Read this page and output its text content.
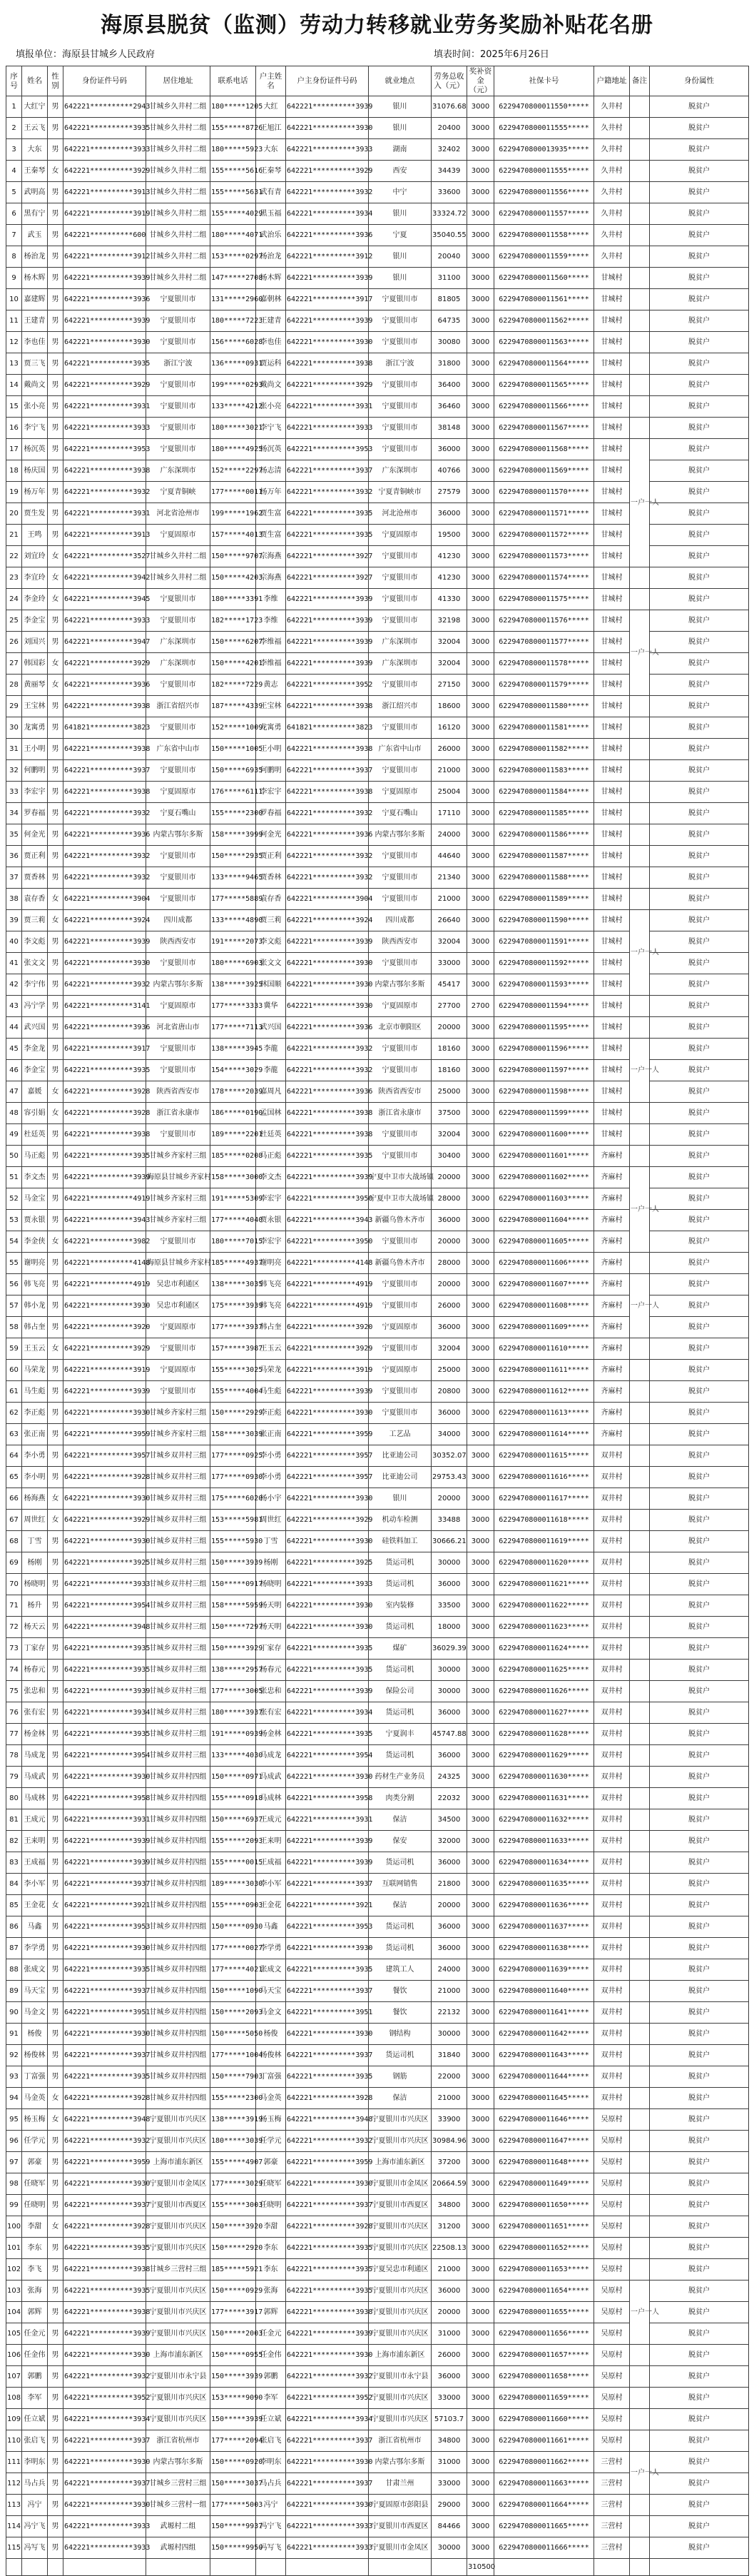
海原县脱贫（监测）劳动力转移就业劳务奖励补贴花名册
填报单位：海原县甘城乡人民政府	填表时间：2025年6月26日
序号	姓名	性别	身份证件号码	居住地址	联系电话	户主姓名	户主身份证件号码	就业地点	劳务总收入（元）	奖补资金（元）	社保卡号	户籍地址	备注	身份属性
1	大红宁	男	642221**********2943	甘城乡久井村二组	180*****1205	大红	642221**********3939	银川	31076.68	3000	6229470800011550*****	久井村		脱贫户
2	王云飞	男	642221**********3935	甘城乡久井村二组	155*****8726	王旭江	642221**********3930	银川	20400	3000	6229470800011555*****	久井村		脱贫户
3	大东	男	642221**********3933	甘城乡久井村二组	180*****5923	大东	642221**********3933	湖南	32402	3000	6229470800013935*****	久井村		脱贫户
4	王秦琴	女	642221**********3929	甘城乡久井村二组	155*****5616	王秦琴	642221**********3929	西安	34439	3000	6229470800011555*****	久井村		脱贫户
5	武明高	男	642221**********3913	甘城乡久井村二组	155*****5631	武有青	642221**********3932	中宁	33600	3000	6229470800011556*****	久井村		脱贫户
6	黑有宁	男	642221**********3919	甘城乡久井村二组	155*****4029	黑玉福	642221**********3934	银川	33324.72	3000	6229470800011557*****	久井村		脱贫户
7	武玉	男	642221**********600	甘城乡久井村二组	180*****4071	武治乐	642221**********3936	宁夏	35040.55	3000	6229470800011558*****	久井村		脱贫户
8	杨治龙	男	642221**********3912	甘城乡久井村二组	153*****0297	杨治龙	642221**********3912	银川	20040	3000	6229470800011559*****	久井村		脱贫户
9	杨木辉	男	642221**********3939	甘城乡久井村二组	147*****2708	杨木辉	642221**********3939	银川	31100	3000	6229470800011560*****	甘城村		脱贫户
10	嘉建辉	男	642221**********3936	宁夏银川市	131*****2960	嘉朝林	642221**********3917	宁夏银川市	81805	3000	6229470800011561*****	甘城村		脱贫户
11	王建青	男	642221**********3939	宁夏银川市	180*****7223	王建青	642221**********3939	宁夏银川市	64735	3000	6229470800011562*****	甘城村		脱贫户
12	李也佳	男	642221**********3930	宁夏银川市	156*****6028	李也佳	642221**********3930	宁夏银川市	30080	3000	6229470800011563*****	甘城村		脱贫户
13	贾三飞	男	642221**********3935	浙江宁波	136*****0931	贾运科	642221**********3938	浙江宁波	31800	3000	6229470800011564*****	甘城村		脱贫户
14	戴尚文	男	642221**********3929	宁夏银川市	199*****0293	戴尚文	642221**********3929	宁夏银川市	36400	3000	6229470800011565*****	甘城村		脱贫户
15	张小亮	男	642221**********3931	宁夏银川市	133*****4212	张小亮	642221**********3931	宁夏银川市	36460	3000	6229470800011566*****	甘城村		脱贫户
16	李宁飞	男	642221**********3933	宁夏银川市	180*****3021	李宁飞	642221**********3933	宁夏银川市	38148	3000	6229470800011567*****	甘城村		脱贫户
17	杨沉英	男	642221**********3953	宁夏银川市	180*****4925	杨沉英	642221**********3953	宁夏银川市	36000	3000	6229470800011568*****	甘城村	一户一人	脱贫户
18	杨庆国	男	642221**********3938	广东深圳市	152*****2297	杨志清	642221**********3937	广东深圳市	40766	3000	6229470800011569*****	甘城村		脱贫户
19	杨万年	男	642221**********3932	宁夏青铜峡	177*****0011	杨万年	642221**********3932	宁夏青铜峡市	27579	3000	6229470800011570*****	甘城村		脱贫户
20	贾生发	男	642221**********3931	河北省沧州市	199*****1962	贾生富	642221**********3935	河北沧州市	36000	3000	6229470800011571*****	甘城村		脱贫户
21	王鸣	男	642221**********3913	宁夏固原市	157*****4013	贾生富	642221**********3935	宁夏固原市	19500	3000	6229470800011572*****	甘城村		脱贫户
22	刘宜玲	女	642221**********3527	甘城乡久井村二组	150*****9707	宗海燕	642221**********3927	宁夏银川市	41230	3000	6229470800011573*****	甘城村		脱贫户
23	李宜玲	女	642221**********3942	甘城乡久井村二组	150*****4203	宗海燕	642221**********3927	宁夏银川市	41230	3000	6229470800011574*****	甘城村		脱贫户
24	李金玲	女	642221**********3945	宁夏银川市	180*****3391	李维	642221**********3939	宁夏银川市	41330	3000	6229470800011575*****	甘城村		脱贫户
25	李金宝	男	642221**********3933	宁夏银川市	182*****1723	李维	642221**********3939	宁夏银川市	32198	3000	6229470800011576*****	甘城村	一户一人	脱贫户
26	刘国兴	男	642221**********3947	广东深圳市	150*****6207	李维福	642221**********3939	广东深圳市	32004	3000	6229470800011577*****	甘城村		脱贫户
27	韩国彩	女	642221**********3929	广东深圳市	150*****4201	李维福	642221**********3939	广东深圳市	32004	3000	6229470800011578*****	甘城村		脱贫户
28	黄丽琴	女	642221**********3936	宁夏银川市	182*****7229	黄志	642221**********3952	宁夏银川市	27150	3000	6229470800011579*****	甘城村		脱贫户
29	王宝林	男	642221**********3938	浙江省绍兴市	187*****4339	王宝林	642221**********3938	浙江绍兴市	18600	3000	6229470800011580*****	甘城村		脱贫户
30	龙寓勇	男	641821**********3823	宁夏银川市	152*****1009	龙寓勇	641821**********3823	宁夏银川市	16120	3000	6229470800011581*****	甘城村		脱贫户
31	王小明	男	642221**********3938	广东省中山市	150*****1005	王小明	642221**********3938	广东省中山市	26000	3000	6229470800011582*****	甘城村		脱贫户
32	何鹏明	男	642221**********3937	宁夏银川市	150*****6935	何鹏明	642221**********3937	宁夏银川市	21000	3000	6229470800011583*****	甘城村		脱贫户
33	李宏宇	男	642221**********3938	宁夏固原市	176*****6111	李宏宇	642221**********3938	宁夏固原市	25004	3000	6229470800011584*****	甘城村		脱贫户
34	罗春福	男	642221**********3932	宁夏石嘴山	155*****2300	罗春福	642221**********3932	宁夏石嘴山	17110	3000	6229470800011585*****	甘城村		脱贫户
35	何金光	男	642221**********3936	内蒙古鄂尔多斯	158*****3999	何金光	642221**********3936	内蒙古鄂尔多斯	24000	3000	6229470800011586*****	甘城村		脱贫户
36	贾正利	男	642221**********3932	宁夏银川市	150*****2935	贾正利	642221**********3932	宁夏银川市	44640	3000	6229470800011587*****	甘城村		脱贫户
37	贾香林	男	642221**********3932	宁夏银川市	133*****9465	贾香林	642221**********3932	宁夏银川市	21340	3000	6229470800011588*****	甘城村		脱贫户
38	袁存香	女	642221**********3904	宁夏银川市	177*****5889	袁存香	642221**********3904	宁夏银川市	21000	3000	6229470800011589*****	甘城村		脱贫户
39	贾三莉	女	642221**********3924	四川成都	133*****4890	贾三莉	642221**********3924	四川成都	26640	3000	6229470800011590*****	甘城村	一户一人	脱贫户
40	李文彪	男	642221**********3939	陕西西安市	191*****2073	李文彪	642221**********3939	陕西西安市	32004	3000	6229470800011591*****	甘城村		脱贫户
41	张文文	男	642221**********3930	宁夏银川市	180*****6903	张文文	642221**********3930	宁夏银川市	33000	3000	6229470800011592*****	甘城村		脱贫户
42	李宁伟	男	642221**********3932	内蒙古鄂尔多斯	138*****3925	林国顺	642221**********3930	内蒙古鄂尔多斯	45417	3000	6229470800011593*****	甘城村		脱贫户
43	冯宁学	男	642221**********3141	宁夏固原市	177*****3333	冀华	642221**********3930	宁夏固原市	27700	2700	6229470800011594*****	甘城村		脱贫户
44	武兴国	男	642221**********3936	河北省唐山市	177*****7113	武兴国	642221**********3936	北京市朝阳区	20000	3000	6229470800011595*****	甘城村		脱贫户
45	李金龙	男	642221**********3917	宁夏银川市	138*****3945	李龍	642221**********3932	宁夏银川市	18160	3000	6229470800011596*****	甘城村	一户一人	脱贫户
46	李金宝	男	642221**********3935	宁夏银川市	154*****3029	李龍	642221**********3932	宁夏银川市	18160	3000	6229470800011597*****	甘城村		脱贫户
47	嘉媛	女	642221**********3928	陕西省西安市	178*****2039	嘉周凡	642221**********3936	陕西省西安市	25000	3000	6229470800011598*****	甘城村		脱贫户
48	容引娟	女	642221**********3928	浙江省永康市	186*****0190	孟国林	642221**********3938	浙江省永康市	37500	3000	6229470800011599*****	甘城村		脱贫户
49	杜廷英	男	642221**********3938	宁夏银川市	189*****2201	杜廷英	642221**********3938	宁夏银川市	32004	3000	6229470800011600*****	甘城村		脱贫户
50	马正彪	男	642221**********3935	甘城乡齐家村三组	185*****0208	马正彪	642221**********3935	宁夏银川市	30400	3000	6229470800011601*****	齐麻村		脱贫户
51	李文杰	男	642221**********3939	海原县甘城乡齐家村	158*****3000	李文杰	642221**********3939	宁夏中卫市大战场镇	20000	3000	6229470800011602*****	齐麻村	一户一人	脱贫户
52	马金宝	男	642221**********4919	甘城乡齐家村三组	191*****5309	李宏宇	642221**********3950	宁夏中卫市大战场镇	28000	3000	6229470800011603*****	齐麻村		脱贫户
53	贾永银	男	642221**********3943	甘城乡齐家村三组	177*****4040	贾永银	642221**********3943	新疆乌鲁木齐市	36000	3000	6229470800011604*****	齐麻村		脱贫户
54	李金侠	女	642221**********3982	宁夏银川市	180*****7015	李宏宇	642221**********3950	宁夏银川市	20000	3000	6229470800011605*****	齐麻村		脱贫户
55	谢明亮	男	642221**********4148	海原县甘城乡齐家村	185*****4937	谢明亮	642221**********4148	新疆乌鲁木齐市	28000	3000	6229470800011606*****	齐麻村		脱贫户
56	韩飞亮	男	642221**********4919	吴忠市利通区	138*****3035	韩飞亮	642221**********4919	宁夏银川市	20000	3000	6229470800011607*****	齐麻村	一户一人	脱贫户
57	韩小龙	男	642221**********3930	吴忠市利通区	175*****3939	韩飞亮	642221**********4919	宁夏银川市	26000	3000	6229470800011608*****	齐麻村		脱贫户
58	韩占奎	男	642221**********3920	宁夏固原市	177*****3937	韩占奎	642221**********3920	宁夏固原市	36000	3000	6229470800011609*****	齐麻村		脱贫户
59	王玉云	女	642221**********3929	宁夏银川市	157*****3987	王玉云	642221**********3929	宁夏银川市	32004	3000	6229470800011610*****	齐麻村		脱贫户
60	马荣龙	男	642221**********3919	宁夏固原市	155*****3025	马荣龙	642221**********3919	宁夏固原市	25000	3000	6229470800011611*****	齐麻村		脱贫户
61	马生彪	男	642221**********3939	宁夏银川市	155*****4004	马生彪	642221**********3939	宁夏银川市	20800	3000	6229470800011612*****	齐麻村		脱贫户
62	李正彪	男	642221**********3930	甘城乡齐家村三组	150*****2929	李正彪	642221**********3930	宁夏银川市	36000	3000	6229470800011613*****	齐麻村		脱贫户
63	张正南	男	642221**********3959	甘城乡齐家村三组	158*****3039	张正南	642221**********3959	工艺品	34000	3000	6229470800011614*****	齐麻村		脱贫户
64	李小勇	男	642221**********3957	甘城乡双井村三组	177*****0925	李小勇	642221**********3957	比亚迪公司	30352.07	3000	6229470800011615*****	双井村		脱贫户
65	李小明	男	642221**********3928	甘城乡双井村三组	177*****0930	李小勇	642221**********3957	比亚迪公司	29753.43	3000	6229470800011616*****	双井村		脱贫户
66	杨海燕	女	642221**********3930	甘城乡双井村三组	175*****6020	杨小宇	642221**********3930	银川	20000	3000	6229470800011617*****	双井村		脱贫户
67	周世红	女	642221**********3929	甘城乡双井村三组	153*****5981	周世红	642221**********3929	机动车检测	33488	3000	6229470800011618*****	双井村		脱贫户
68	丁雪	男	642221**********3930	甘城乡双井村三组	155*****5930	丁雪	642221**********3930	硅铁料加工	30666.21	3000	6229470800011619*****	双井村		脱贫户
69	杨刚	男	642221**********3925	甘城乡双井村三组	150*****3939	杨刚	642221**********3925	货运司机	30000	3000	6229470800011620*****	双井村		脱贫户
70	杨晓明	男	642221**********3933	甘城乡双井村三组	150*****0917	杨晓明	642221**********3933	货运司机	36000	3000	6229470800011621*****	双井村		脱贫户
71	杨升	男	642221**********3954	甘城乡双井村三组	158*****5959	杨天明	642221**********3930	室内装修	33500	3000	6229470800011622*****	双井村		脱贫户
72	杨天云	男	642221**********3948	甘城乡双井村三组	150*****7297	杨天明	642221**********3930	货运司机	18000	3000	6229470800011623*****	双井村		脱贫户
73	丁家存	男	642221**********3935	甘城乡双井村三组	150*****3929	丁家存	642221**********3935	煤矿	36029.39	3000	6229470800011624*****	双井村		脱贫户
74	杨春元	男	642221**********3935	甘城乡双井村三组	138*****2957	杨春元	642221**********3935	货运司机	30000	3000	6229470800011625*****	双井村		脱贫户
75	张忠和	男	642221**********3939	甘城乡双井村三组	177*****3005	张忠和	642221**********3939	保险公司	30000	3000	6229470800011626*****	双井村		脱贫户
76	张有宏	男	642221**********3934	甘城乡双井村三组	180*****3937	张有宏	642221**********3934	货运司机	36000	3000	6229470800011627*****	双井村		脱贫户
77	杨金林	男	642221**********3935	甘城乡双井村三组	191*****0939	杨金林	642221**********3935	宁夏润丰	45747.88	3000	6229470800011628*****	双井村		脱贫户
78	马成龙	男	642221**********3954	甘城乡双井村三组	133*****4030	马成龙	642221**********3954	货运司机	36000	3000	6229470800011629*****	双井村		脱贫户
79	马成武	男	642221**********3930	甘城乡双井村四组	150*****0971	马成武	642221**********3930	药材生产业务员	24325	3000	6229470800011630*****	双井村		脱贫户
80	马成林	男	642221**********3958	甘城乡双井村四组	155*****0918	马成林	642221**********3958	肉类分割	22032	3000	6229470800011631*****	双井村		脱贫户
81	王成元	男	642221**********3931	甘城乡双井村四组	150*****6937	王成元	642221**********3931	保洁	34500	3000	6229470800011632*****	双井村		脱贫户
82	王来明	男	642221**********3939	甘城乡双井村四组	155*****2093	王来明	642221**********3939	保安	32000	3000	6229470800011633*****	双井村		脱贫户
83	王成福	男	642221**********3939	甘城乡双井村四组	155*****0015	王成福	642221**********3939	货运司机	36000	3000	6229470800011634*****	双井村		脱贫户
84	李小军	男	642221**********3937	甘城乡双井村四组	189*****3030	李小军	642221**********3937	互联网销售	21800	3000	6229470800011635*****	双井村		脱贫户
85	王金花	女	642221**********3921	甘城乡双井村四组	155*****0903	王金花	642221**********3921	保洁	20000	3000	6229470800011636*****	双井村		脱贫户
86	马鑫	男	642221**********3953	甘城乡双井村四组	150*****0930	马鑫	642221**********3953	货运司机	36000	3000	6229470800011637*****	双井村		脱贫户
87	李学勇	男	642221**********3930	甘城乡双井村四组	177*****0027	李学勇	642221**********3930	货运司机	36000	3000	6229470800011638*****	双井村		脱贫户
88	张成文	男	642221**********3935	甘城乡双井村四组	177*****4021	张成文	642221**********3935	建筑工人	24000	3000	6229470800011639*****	双井村		脱贫户
89	马天宝	男	642221**********3937	甘城乡双井村四组	150*****1090	马天宝	642221**********3937	餐饮	21000	3000	6229470800011640*****	双井村		脱贫户
90	马金文	男	642221**********3951	甘城乡双井村四组	150*****2093	马金文	642221**********3951	餐饮	22132	3000	6229470800011641*****	双井村		脱贫户
91	杨俊	男	642221**********3930	甘城乡双井村四组	150*****5050	杨俊	642221**********3930	钢结构	30000	3000	6229470800011642*****	双井村		脱贫户
92	杨俊林	男	642221**********3937	甘城乡双井村四组	177*****1004	杨俊林	642221**********3937	货运司机	31840	3000	6229470800011643*****	双井村		脱贫户
93	丁富强	男	642221**********3935	甘城乡双井村四组	150*****7903	丁富强	642221**********3935	钢筋	22000	3000	6229470800011644*****	双井村		脱贫户
94	马金英	女	642221**********3928	甘城乡双井村四组	155*****2300	马金英	642221**********3928	保洁	21000	3000	6229470800011645*****	双井村		脱贫户
95	杨玉梅	女	642221**********3948	宁夏银川市兴庆区	138*****3919	杨玉梅	642221**********3948	宁夏银川市兴庆区	33900	3000	6229470800011646*****	吴原村		脱贫户
96	任学元	男	642221**********3932	宁夏银川市兴庆区	180*****3039	任学元	642221**********3932	宁夏银川市兴庆区	30984.96	3000	6229470800011647*****	吴原村		脱贫户
97	郭豪	男	642221**********3959	上海市浦东新区	155*****4907	郭豪	642221**********3959	上海市浦东新区	37200	3000	6229470800011648*****	吴原村		脱贫户
98	任晓军	男	642221**********3930	宁夏银川市金凤区	177*****3029	任晓军	642221**********3930	宁夏银川市金凤区	20664.59	3000	6229470800011649*****	吴原村		脱贫户
99	任晓明	男	642221**********3937	宁夏银川市西夏区	155*****3003	任晓明	642221**********3937	宁夏银川市西夏区	34800	3000	6229470800011650*****	吴原村		脱贫户
100	李甜	女	642221**********3928	宁夏银川市兴庆区	150*****3920	李甜	642221**********3928	宁夏银川市兴庆区	31200	3000	6229470800011651*****	吴原村		脱贫户
101	李东	男	642221**********3935	宁夏银川市兴庆区	150*****2920	李东	642221**********3935	宁夏银川市兴庆区	22508.13	3000	6229470800011652*****	吴原村		脱贫户
102	李飞	男	642221**********3938	甘城乡三营村三组	185*****5921	李东	642221**********3935	宁夏吴忠市利通区	21000	3000	6229470800011653*****	吴原村		脱贫户
103	张海	男	642221**********3935	宁夏银川市兴庆区	150*****0929	张海	642221**********3935	宁夏银川市兴庆区	36000	3000	6229470800011654*****	吴原村	一户一人	脱贫户
104	郭辉	男	642221**********3938	宁夏银川市兴庆区	177*****3917	郭辉	642221**********3938	宁夏银川市兴庆区	20000	3000	6229470800011655*****	吴原村		脱贫户
105	任金元	男	642221**********3939	宁夏银川市兴庆区	150*****2003	任金元	642221**********3939	宁夏银川市兴庆区	31000	3000	6229470800011656*****	吴原村		脱贫户
106	任金伟	男	642221**********3930	上海市浦东新区	150*****0955	任金伟	642221**********3930	上海市浦东新区	26000	3000	6229470800011657*****	吴原村		脱贫户
107	郭鹏	男	642221**********3932	宁夏银川市永宁县	150*****3939	郭鹏	642221**********3932	宁夏银川市永宁县	36000	3000	6229470800011658*****	吴原村		脱贫户
108	李军	男	642221**********3952	宁夏银川市兴庆区	153*****9090	李军	642221**********3952	宁夏银川市兴庆区	33000	3000	6229470800011659*****	吴原村		脱贫户
109	任立斌	男	642221**********3934	宁夏银川市兴庆区	150*****3939	任立斌	642221**********3934	宁夏银川市兴庆区	57103.7	3000	6229470800011660*****	吴原村		脱贫户
110	张启飞	男	642221**********3937	浙江省杭州市	177*****2094	张启飞	642221**********3937	浙江省杭州市	34800	3000	6229470800011661*****	吴原村		脱贫户
111	李明东	男	642221**********3930	内蒙古鄂尔多斯	150*****0920	李明东	642221**********3930	内蒙古鄂尔多斯	31000	3000	6229470800011662*****	三营村	一户一人	脱贫户
112	马占兵	男	642221**********3937	甘城乡三营村三组	150*****3037	马占兵	642221**********3937	甘肃兰州	33000	3000	6229470800011663*****	三营村		脱贫户
113	冯宁	男	642221**********3930	甘城乡三营村一组	177*****5003	冯宁	642221**********3930	宁夏固原市彭阳县	29000	3000	6229470800011664*****	三营村		脱贫户
114	冯宁飞	男	642221**********3933	武塬村二组	150*****9937	冯宁飞	642221**********3933	宁夏银川市西夏区	84466	3000	6229470800011665*****	三营村		脱贫户
115	冯写飞	男	642221**********3933	武塬村四组	150*****9950	冯写飞	642221**********3933	宁夏银川市金凤区	30000	3000	6229470800011666*****	三营村		脱贫户
										310500				
